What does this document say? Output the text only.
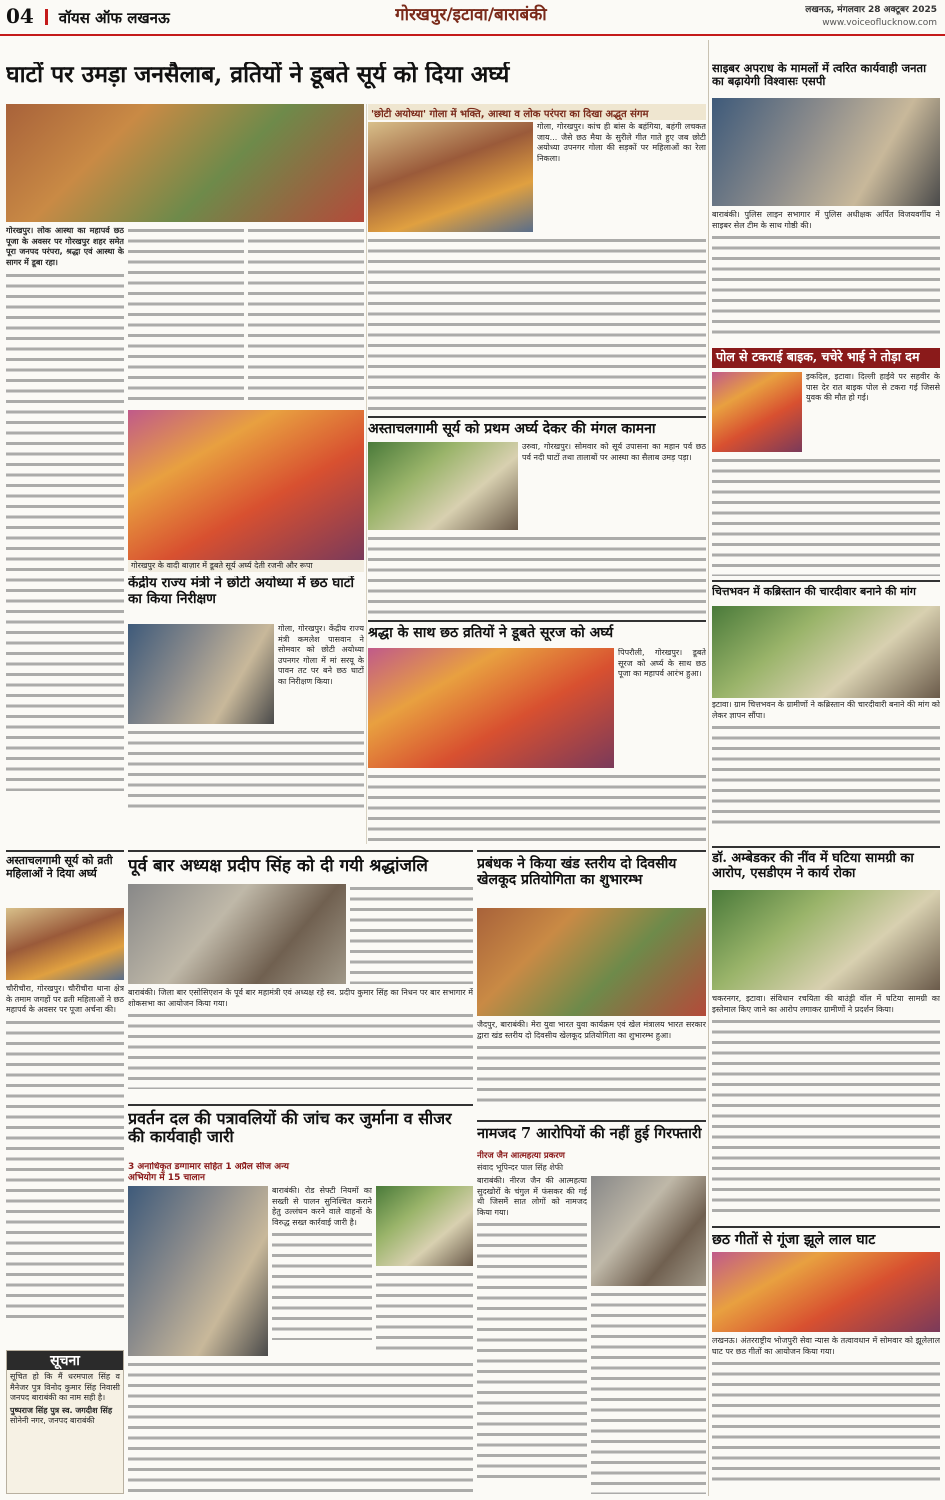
04 वॉयस ऑफ लखनऊ	गोरखपुर/इटावा/बाराबंकी	लखनऊ, मंगलवार 28 अक्टूबर 2025
www.voiceoflucknow.com
घाटों पर उमड़ा जनसैलाब, व्रतियों ने डूबते सूर्य को दिया अर्घ्य
गोरखपुर। लोक आस्था का महापर्व छठ पूजा के अवसर पर गोरखपुर शहर समेत पूरा जनपद परंपरा, श्रद्धा एवं आस्था के सागर में डूबा रहा।
गोरखपुर के वादी बाज़ार में डूबते सूर्य अर्घ्य देती रजनी और रूपा
केंद्रीय राज्य मंत्री ने छोटी अयोध्या में छठ घाटों का किया निरीक्षण
गोला, गोरखपुर। केंद्रीय राज्य मंत्री कमलेश पासवान ने सोमवार को छोटी अयोध्या उपनगर गोला में मां सरयू के पावन तट पर बने छठ घाटों का निरीक्षण किया।
'छोटी अयोध्या' गोला में भक्ति, आस्था व लोक परंपरा का दिखा अद्भुत संगम
गोला, गोरखपुर। कांच ही बांस के बहंगिया, बहंगी लचकत जाय... जैसे छठ मैया के सुरीले गीत गाते हुए जब छोटी अयोध्या उपनगर गोला की सड़कों पर महिलाओं का रेला निकला।
अस्ताचलगामी सूर्य को प्रथम अर्घ्य देकर की मंगल कामना
उरुवा, गोरखपुर। सोमवार को सूर्य उपासना का महान पर्व छठ पर्व नदी घाटों तथा तालाबों पर आस्था का सैलाब उमड़ पड़ा।
श्रद्धा के साथ छठ व्रतियों ने डूबते सूरज को अर्घ्य
पिपरौली, गोरखपुर। डूबते सूरज को अर्घ्य के साथ छठ पूजा का महापर्व आरंभ हुआ।
अस्ताचलगामी सूर्य को व्रती महिलाओं ने दिया अर्घ्य
चौरीचौरा, गोरखपुर। चौरीचौरा थाना क्षेत्र के तमाम जगहों पर व्रती महिलाओं ने छठ महापर्व के अवसर पर पूजा अर्चना की।
सूचना
सूचित हो कि मैं धरमपाल सिंह व मैनेजर पुत्र विनोद कुमार सिंह निवासी जनपद बाराबंकी का नाम सही है।
पुष्पराज सिंह पुत्र स्व. जगदीश सिंह
सोनेनी नगर, जनपद बाराबंकी
पूर्व बार अध्यक्ष प्रदीप सिंह को दी गयी श्रद्धांजलि
बाराबंकी। जिला बार एसोसिएशन के पूर्व बार महामंत्री एवं अध्यक्ष रहे स्व. प्रदीप कुमार सिंह का निधन पर बार सभागार में शोकसभा का आयोजन किया गया।
प्रवर्तन दल की पत्रावलियों की जांच कर जुर्माना व सीजर की कार्यवाही जारी
3 अनाधिकृत डग्गामार सहित 1 अप्रैल सीज अन्य
अभियोग में 15 चालान
बाराबंकी। रोड सेफ्टी नियमों का सख्ती से पालन सुनिश्चित कराने हेतु उल्लंघन करने वाले वाहनों के विरुद्ध सख्त कार्रवाई जारी है।
प्रबंधक ने किया खंड स्तरीय दो दिवसीय खेलकूद प्रतियोगिता का शुभारम्भ
जैदपुर, बाराबंकी। मेरा युवा भारत युवा कार्यक्रम एवं खेल मंत्रालय भारत सरकार द्वारा खंड स्तरीय दो दिवसीय खेलकूद प्रतियोगिता का शुभारम्भ हुआ।
नामजद 7 आरोपियों की नहीं हुई गिरफ्तारी
नीरज जैन आत्महत्या प्रकरण
संवाद भूपिन्दर पाल सिंह शेफी
बाराबंकी। नीरज जैन की आत्महत्या सुदखोरों के चंगुल में फंसकर की गई थी जिसमें सात लोगों को नामजद किया गया।
साइबर अपराध के मामलों में त्वरित कार्यवाही जनता का बढ़ायेगी विश्वासः एसपी
बाराबंकी। पुलिस लाइन सभागार में पुलिस अधीक्षक अर्पित विजयवर्गीय ने साइबर सेल टीम के साथ गोष्ठी की।
पोल से टकराई बाइक, चचेरे भाई ने तोड़ा दम
इकदिल, इटावा। दिल्ली हाईवे पर सहवीर के पास देर रात बाइक पोल से टकरा गई जिससे युवक की मौत हो गई।
चित्तभवन में कब्रिस्तान की चारदीवार बनाने की मांग
इटावा। ग्राम चित्तभवन के ग्रामीणों ने कब्रिस्तान की चारदीवारी बनाने की मांग को लेकर ज्ञापन सौंपा।
डॉ. अम्बेडकर की नींव में घटिया सामग्री का आरोप, एसडीएम ने कार्य रोका
चकरनगर, इटावा। संविधान रचयिता की बाउंड्री वॉल में घटिया सामग्री का इस्तेमाल किए जाने का आरोप लगाकर ग्रामीणों ने प्रदर्शन किया।
छठ गीतों से गूंजा झूले लाल घाट
लखनऊ। अंतरराष्ट्रीय भोजपुरी सेवा न्यास के तत्वावधान में सोमवार को झूलेलाल घाट पर छठ गीतों का आयोजन किया गया।
